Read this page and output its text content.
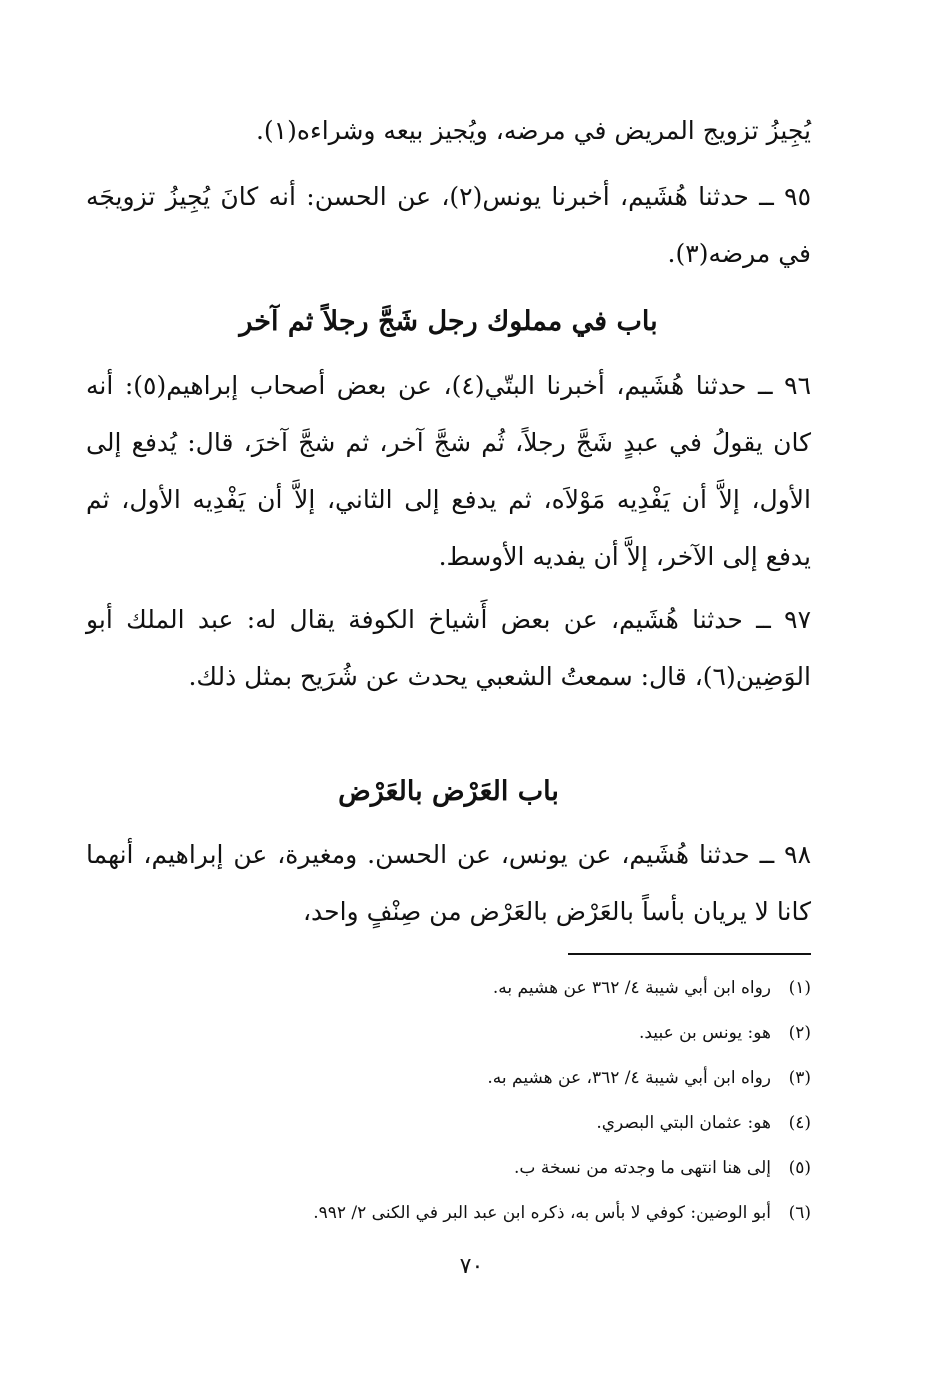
يُجِيزُ تزويج المريض في مرضه، ويُجيز بيعه وشراءه(١).

٩٥ ــ حدثنا هُشَيم، أخبرنا يونس(٢)، عن الحسن: أنه كانَ يُجِيزُ تزويجَه في مرضه(٣).

باب في مملوك رجل شَجَّ رجلاً ثم آخر

٩٦ ــ حدثنا هُشَيم، أخبرنا البتّي(٤)، عن بعض أصحاب إبراهيم(٥): أنه كان يقولُ في عبدٍ شَجَّ رجلاً، ثُم شجَّ آخر، ثم شجَّ آخرَ، قال: يُدفع إلى الأول، إلاَّ أن يَفْدِيه مَوْلاَه، ثم يدفع إلى الثاني، إلاَّ أن يَفْدِيه الأول، ثم يدفع إلى الآخر، إلاَّ أن يفديه الأوسط.

٩٧ ــ حدثنا هُشَيم، عن بعض أَشياخ الكوفة يقال له: عبد الملك أبو الوَضِين(٦)، قال: سمعتُ الشعبي يحدث عن شُرَيح بمثل ذلك.

باب العَرْض بالعَرْض

٩٨ ــ حدثنا هُشَيم، عن يونس، عن الحسن. ومغيرة، عن إبراهيم، أنهما كانا لا يريان بأساً بالعَرْض بالعَرْض من صِنْفٍ واحد،

(١)رواه ابن أبي شيبة ٤/ ٣٦٢ عن هشيم به.
(٢)هو: يونس بن عبيد.
(٣)رواه ابن أبي شيبة ٤/ ٣٦٢، عن هشيم به.
(٤)هو: عثمان البتي البصري.
(٥)إلى هنا انتهى ما وجدته من نسخة ب.
(٦)أبو الوضين: كوفي لا بأس به، ذكره ابن عبد البر في الكنى ٢/ ٩٩٢.
٧٠
